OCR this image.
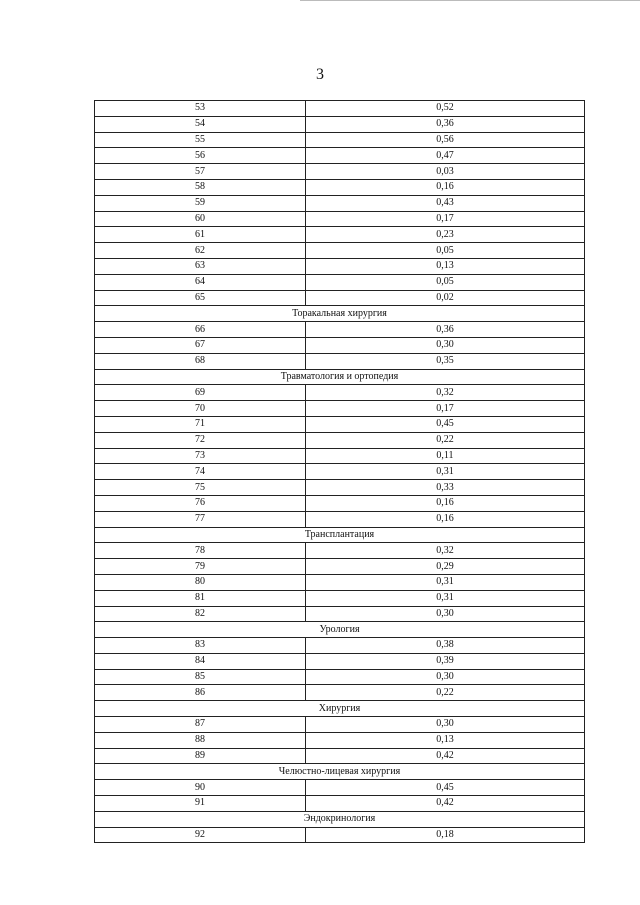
3
53	0,52
54	0,36
55	0,56
56	0,47
57	0,03
58	0,16
59	0,43
60	0,17
61	0,23
62	0,05
63	0,13
64	0,05
65	0,02
Торакальная хирургия	
66	0,36
67	0,30
68	0,35
Травматология и ортопедия	
69	0,32
70	0,17
71	0,45
72	0,22
73	0,11
74	0,31
75	0,33
76	0,16
77	0,16
Трансплантация	
78	0,32
79	0,29
80	0,31
81	0,31
82	0,30
Урология	
83	0,38
84	0,39
85	0,30
86	0,22
Хирургия	
87	0,30
88	0,13
89	0,42
Челюстно-лицевая хирургия	
90	0,45
91	0,42
Эндокринология	
92	0,18
